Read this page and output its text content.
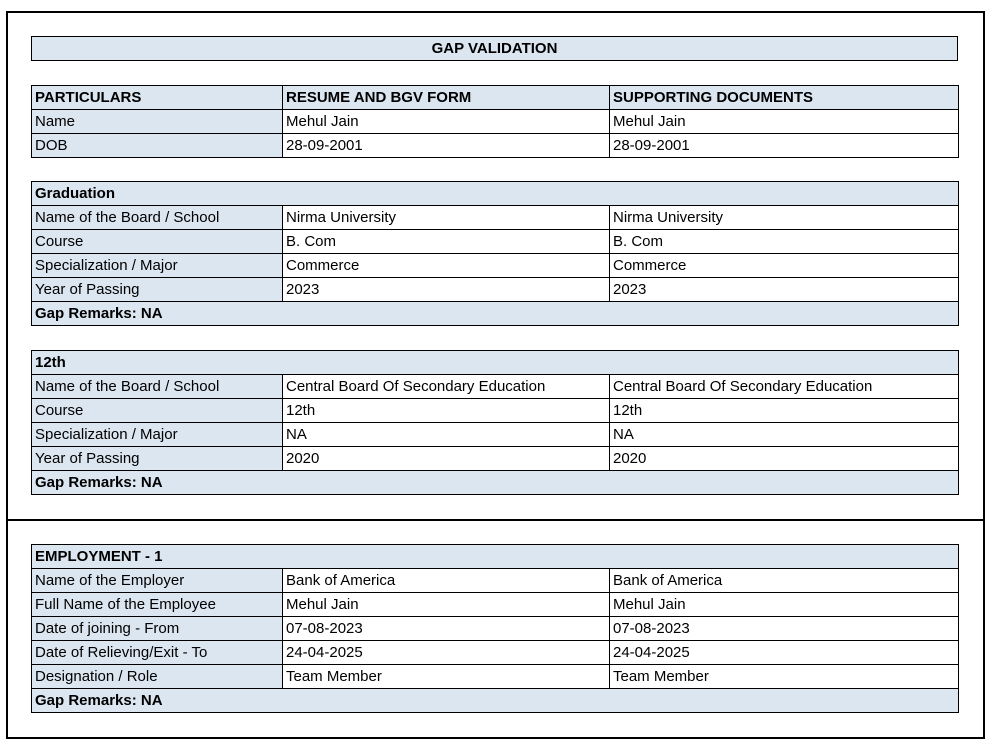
GAP VALIDATION
PARTICULARS	RESUME AND BGV FORM	SUPPORTING DOCUMENTS
Name	Mehul Jain	Mehul Jain
DOB	28-09-2001	28-09-2001
Graduation		
Name of the Board / School	Nirma University	Nirma University
Course	B. Com	B. Com
Specialization / Major	Commerce	Commerce
Year of Passing	2023	2023
Gap Remarks: NA		
12th		
Name of the Board / School	Central Board Of Secondary Education	Central Board Of Secondary Education
Course	12th	12th
Specialization / Major	NA	NA
Year of Passing	2020	2020
Gap Remarks: NA		
EMPLOYMENT - 1		
Name of the Employer	Bank of America	Bank of America
Full Name of the Employee	Mehul Jain	Mehul Jain
Date of joining - From	07-08-2023	07-08-2023
Date of Relieving/Exit - To	24-04-2025	24-04-2025
Designation / Role	Team Member	Team Member
Gap Remarks: NA		
